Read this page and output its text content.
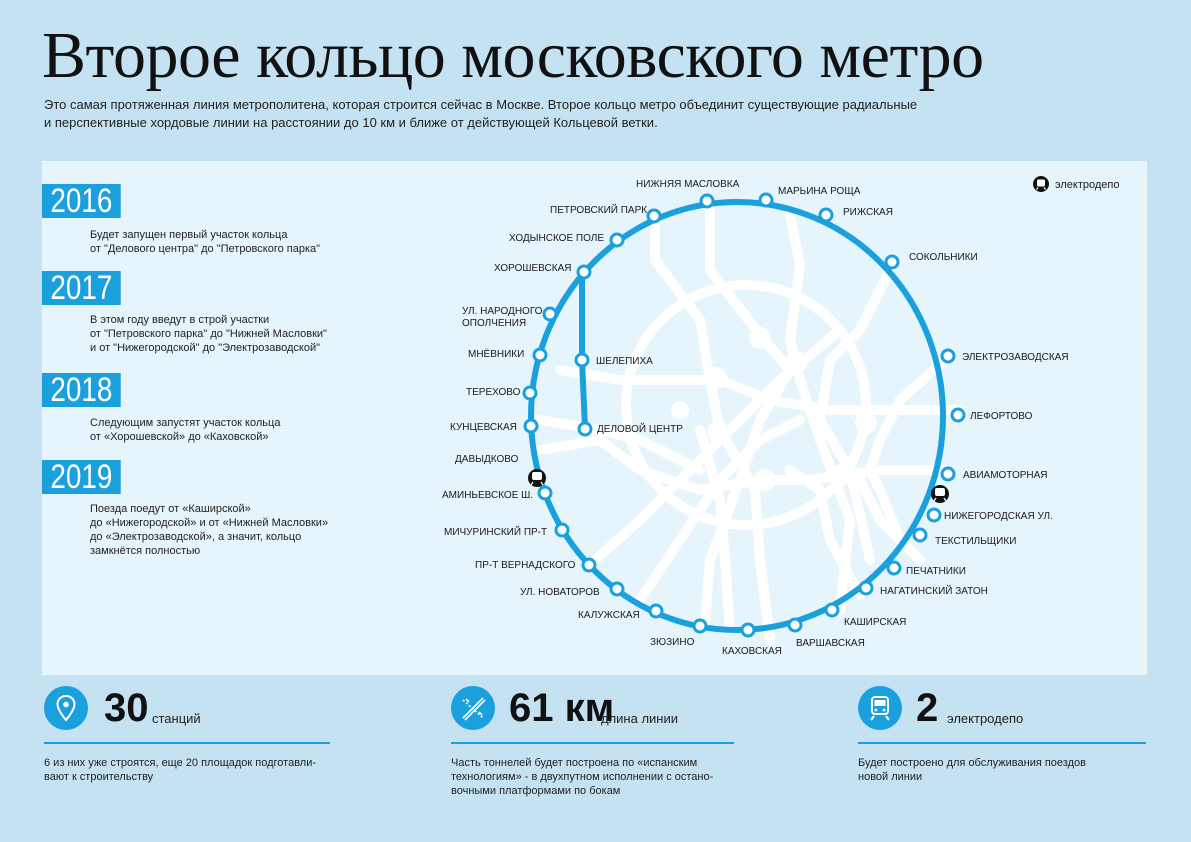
Второе кольцо московского метро
Это самая протяженная линия метрополитена, которая строится сейчас в Москве. Второе кольцо метро объединит существующие радиальные
и перспективные хордовые линии на расстоянии до 10 км и ближе от действующей Кольцевой ветки.
НИЖНЯЯ МАСЛОВКА
МАРЬИНА РОЩА
РИЖСКАЯ
СОКОЛЬНИКИ
ЭЛЕКТРОЗАВОДСКАЯ
ЛЕФОРТОВО
АВИАМОТОРНАЯ
НИЖЕГОРОДСКАЯ УЛ.
ТЕКСТИЛЬЩИКИ
ПЕЧАТНИКИ
НАГАТИНСКИЙ ЗАТОН
КАШИРСКАЯ
ВАРШАВСКАЯ
КАХОВСКАЯ
ЗЮЗИНО
КАЛУЖСКАЯ
УЛ. НОВАТОРОВ
ПР-Т ВЕРНАДСКОГО
МИЧУРИНСКИЙ ПР-Т
АМИНЬЕВСКОЕ Ш.
ДАВЫДКОВО
КУНЦЕВСКАЯ
ТЕРЕХОВО
МНЁВНИКИ
УЛ. НАРОДНОГО
ОПОЛЧЕНИЯ
ХОРОШЕВСКАЯ
ХОДЫНСКОЕ ПОЛЕ
ПЕТРОВСКИЙ ПАРК
ШЕЛЕПИХА
ДЕЛОВОЙ ЦЕНТР
электродепо
2016
Будет запущен первый участок кольца
от "Делового центра" до "Петровского парка"
2017
В этом году введут в строй участки
от "Петровского парка" до "Нижней Масловки"
и от "Нижегородской" до "Электрозаводской"
2018
Следующим запустят участок кольца
от «Хорошевской» до «Каховской»
2019
Поезда поедут от «Каширской»
до «Нижегородской» и от «Нижней Масловки»
до «Электрозаводской», а значит, кольцо
замкнётся полностью
30 станций
6 из них уже строятся, еще 20 площадок подготавли-
вают к строительству
61 км
длина линии
Часть тоннелей будет построена по «испанским
технологиям» - в двухпутном исполнении с остано-
вочными платформами по бокам
2 электродепо
Будет построено для обслуживания поездов
новой линии
